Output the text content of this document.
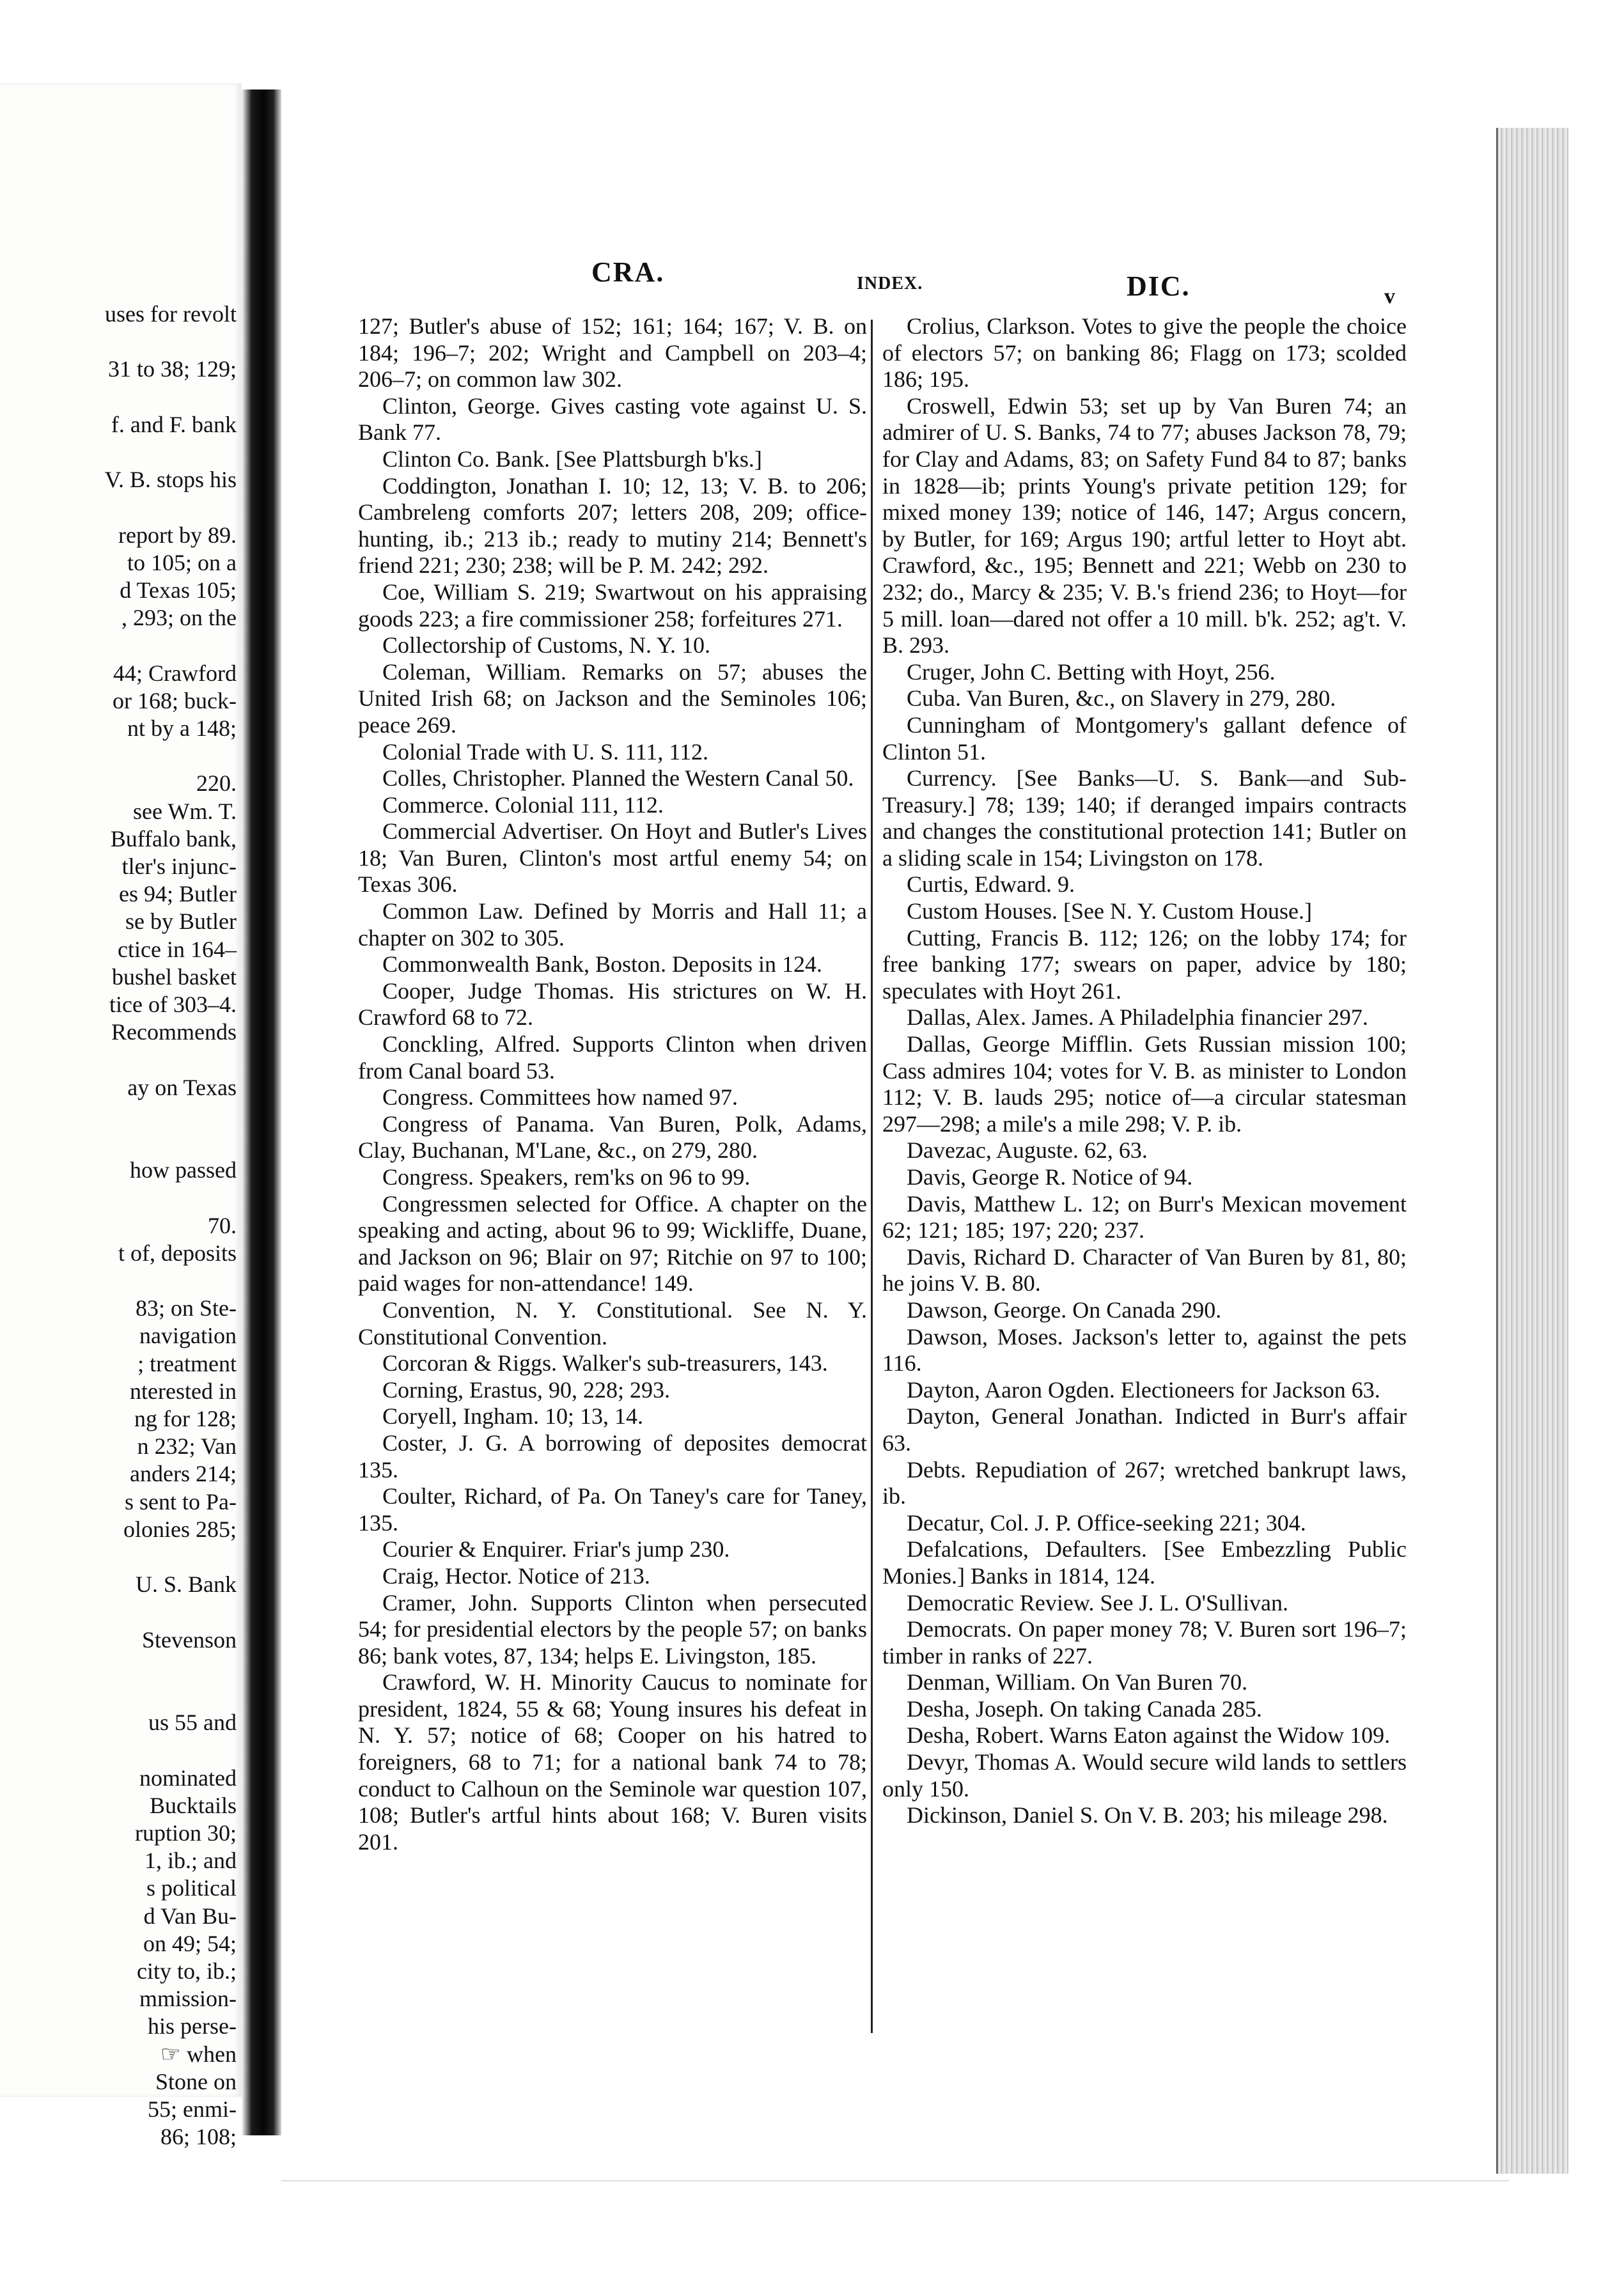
uses for revolt
31 to 38; 129;
f. and F. bank
V. B. stops his
report by 89.
to 105; on a
d Texas 105;
, 293; on the
44; Crawford
or 168; buck-
nt by a 148;
220.
see Wm. T.
Buffalo bank,
tler's injunc-
es 94; Butler
se by Butler
ctice in 164–
bushel basket
tice of 303–4.
Recommends
ay on Texas
how passed
70.
t of, deposits
83; on Ste-
navigation
; treatment
nterested in
ng for 128;
n 232; Van
anders 214;
s sent to Pa-
olonies 285;
U. S. Bank
Stevenson
us 55 and
nominated
Bucktails
ruption 30;
1, ib.; and
s political
d Van Bu-
on 49; 54;
city to, ib.;
mmission-
his perse-
☞ when
Stone on
55; enmi-
86; 108;
CRA.	INDEX.	DIC.	v
127; Butler's abuse of 152; 161; 164; 167; V. B. on 184; 196–7; 202; Wright and Campbell on 203–4; 206–7; on common law 302.
Clinton, George. Gives casting vote against U. S. Bank 77.
Clinton Co. Bank. [See Plattsburgh b'ks.]
Coddington, Jonathan I. 10; 12, 13; V. B. to 206; Cambreleng comforts 207; letters 208, 209; office-hunting, ib.; 213 ib.; ready to mutiny 214; Bennett's friend 221; 230; 238; will be P. M. 242; 292.
Coe, William S. 219; Swartwout on his appraising goods 223; a fire commissioner 258; forfeitures 271.
Collectorship of Customs, N. Y. 10.
Coleman, William. Remarks on 57; abuses the United Irish 68; on Jackson and the Seminoles 106; peace 269.
Colonial Trade with U. S. 111, 112.
Colles, Christopher. Planned the Western Canal 50.
Commerce. Colonial 111, 112.
Commercial Advertiser. On Hoyt and Butler's Lives 18; Van Buren, Clinton's most artful enemy 54; on Texas 306.
Common Law. Defined by Morris and Hall 11; a chapter on 302 to 305.
Commonwealth Bank, Boston. Deposits in 124.
Cooper, Judge Thomas. His strictures on W. H. Crawford 68 to 72.
Conckling, Alfred. Supports Clinton when driven from Canal board 53.
Congress. Committees how named 97.
Congress of Panama. Van Buren, Polk, Adams, Clay, Buchanan, M'Lane, &c., on 279, 280.
Congress. Speakers, rem'ks on 96 to 99.
Congressmen selected for Office. A chapter on the speaking and acting, about 96 to 99; Wickliffe, Duane, and Jackson on 96; Blair on 97; Ritchie on 97 to 100; paid wages for non-attendance! 149.
Convention, N. Y. Constitutional. See N. Y. Constitutional Convention.
Corcoran & Riggs. Walker's sub-treasurers, 143.
Corning, Erastus, 90, 228; 293.
Coryell, Ingham. 10; 13, 14.
Coster, J. G. A borrowing of deposites democrat 135.
Coulter, Richard, of Pa. On Taney's care for Taney, 135.
Courier & Enquirer. Friar's jump 230.
Craig, Hector. Notice of 213.
Cramer, John. Supports Clinton when persecuted 54; for presidential electors by the people 57; on banks 86; bank votes, 87, 134; helps E. Livingston, 185.
Crawford, W. H. Minority Caucus to nominate for president, 1824, 55 & 68; Young insures his defeat in N. Y. 57; notice of 68; Cooper on his hatred to foreigners, 68 to 71; for a national bank 74 to 78; conduct to Calhoun on the Seminole war question 107, 108; Butler's artful hints about 168; V. Buren visits 201.
Crolius, Clarkson. Votes to give the people the choice of electors 57; on banking 86; Flagg on 173; scolded 186; 195.
Croswell, Edwin 53; set up by Van Buren 74; an admirer of U. S. Banks, 74 to 77; abuses Jackson 78, 79; for Clay and Adams, 83; on Safety Fund 84 to 87; banks in 1828—ib; prints Young's private petition 129; for mixed money 139; notice of 146, 147; Argus concern, by Butler, for 169; Argus 190; artful letter to Hoyt abt. Crawford, &c., 195; Bennett and 221; Webb on 230 to 232; do., Marcy & 235; V. B.'s friend 236; to Hoyt—for 5 mill. loan—dared not offer a 10 mill. b'k. 252; ag't. V. B. 293.
Cruger, John C. Betting with Hoyt, 256.
Cuba. Van Buren, &c., on Slavery in 279, 280.
Cunningham of Montgomery's gallant defence of Clinton 51.
Currency. [See Banks—U. S. Bank—and Sub-Treasury.] 78; 139; 140; if deranged impairs contracts and changes the constitutional protection 141; Butler on a sliding scale in 154; Livingston on 178.
Curtis, Edward. 9.
Custom Houses. [See N. Y. Custom House.]
Cutting, Francis B. 112; 126; on the lobby 174; for free banking 177; swears on paper, advice by 180; speculates with Hoyt 261.
Dallas, Alex. James. A Philadelphia financier 297.
Dallas, George Mifflin. Gets Russian mission 100; Cass admires 104; votes for V. B. as minister to London 112; V. B. lauds 295; notice of—a circular statesman 297—298; a mile's a mile 298; V. P. ib.
Davezac, Auguste. 62, 63.
Davis, George R. Notice of 94.
Davis, Matthew L. 12; on Burr's Mexican movement 62; 121; 185; 197; 220; 237.
Davis, Richard D. Character of Van Buren by 81, 80; he joins V. B. 80.
Dawson, George. On Canada 290.
Dawson, Moses. Jackson's letter to, against the pets 116.
Dayton, Aaron Ogden. Electioneers for Jackson 63.
Dayton, General Jonathan. Indicted in Burr's affair 63.
Debts. Repudiation of 267; wretched bankrupt laws, ib.
Decatur, Col. J. P. Office-seeking 221; 304.
Defalcations, Defaulters. [See Embezzling Public Monies.] Banks in 1814, 124.
Democratic Review. See J. L. O'Sullivan.
Democrats. On paper money 78; V. Buren sort 196–7; timber in ranks of 227.
Denman, William. On Van Buren 70.
Desha, Joseph. On taking Canada 285.
Desha, Robert. Warns Eaton against the Widow 109.
Devyr, Thomas A. Would secure wild lands to settlers only 150.
Dickinson, Daniel S. On V. B. 203; his mileage 298.
